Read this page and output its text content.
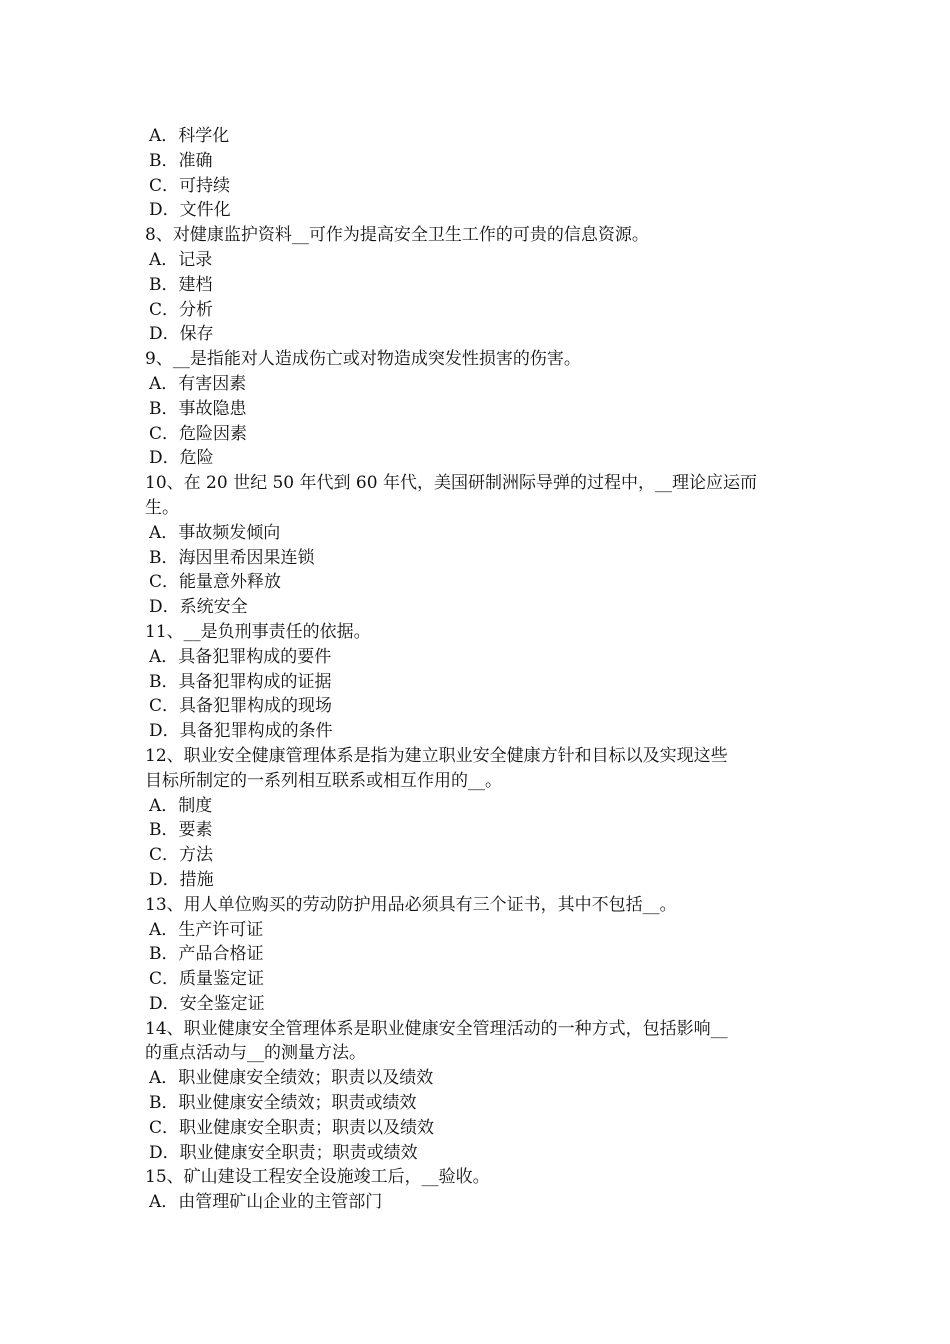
A．科学化
B．准确
C．可持续
D．文件化
8、对健康监护资料__可作为提高安全卫生工作的可贵的信息资源。
A．记录
B．建档
C．分析
D．保存
9、__是指能对人造成伤亡或对物造成突发性损害的伤害。
A．有害因素
B．事故隐患
C．危险因素
D．危险
10、在 20 世纪 50 年代到 60 年代，美国研制洲际导弹的过程中，__理论应运而
生。
A．事故频发倾向
B．海因里希因果连锁
C．能量意外释放
D．系统安全
11、__是负刑事责任的依据。
A．具备犯罪构成的要件
B．具备犯罪构成的证据
C．具备犯罪构成的现场
D．具备犯罪构成的条件
12、职业安全健康管理体系是指为建立职业安全健康方针和目标以及实现这些
目标所制定的一系列相互联系或相互作用的__。
A．制度
B．要素
C．方法
D．措施
13、用人单位购买的劳动防护用品必须具有三个证书，其中不包括__。
A．生产许可证
B．产品合格证
C．质量鉴定证
D．安全鉴定证
14、职业健康安全管理体系是职业健康安全管理活动的一种方式，包括影响__
的重点活动与__的测量方法。
A．职业健康安全绩效；职责以及绩效
B．职业健康安全绩效；职责或绩效
C．职业健康安全职责；职责以及绩效
D．职业健康安全职责；职责或绩效
15、矿山建设工程安全设施竣工后，__验收。
A．由管理矿山企业的主管部门
